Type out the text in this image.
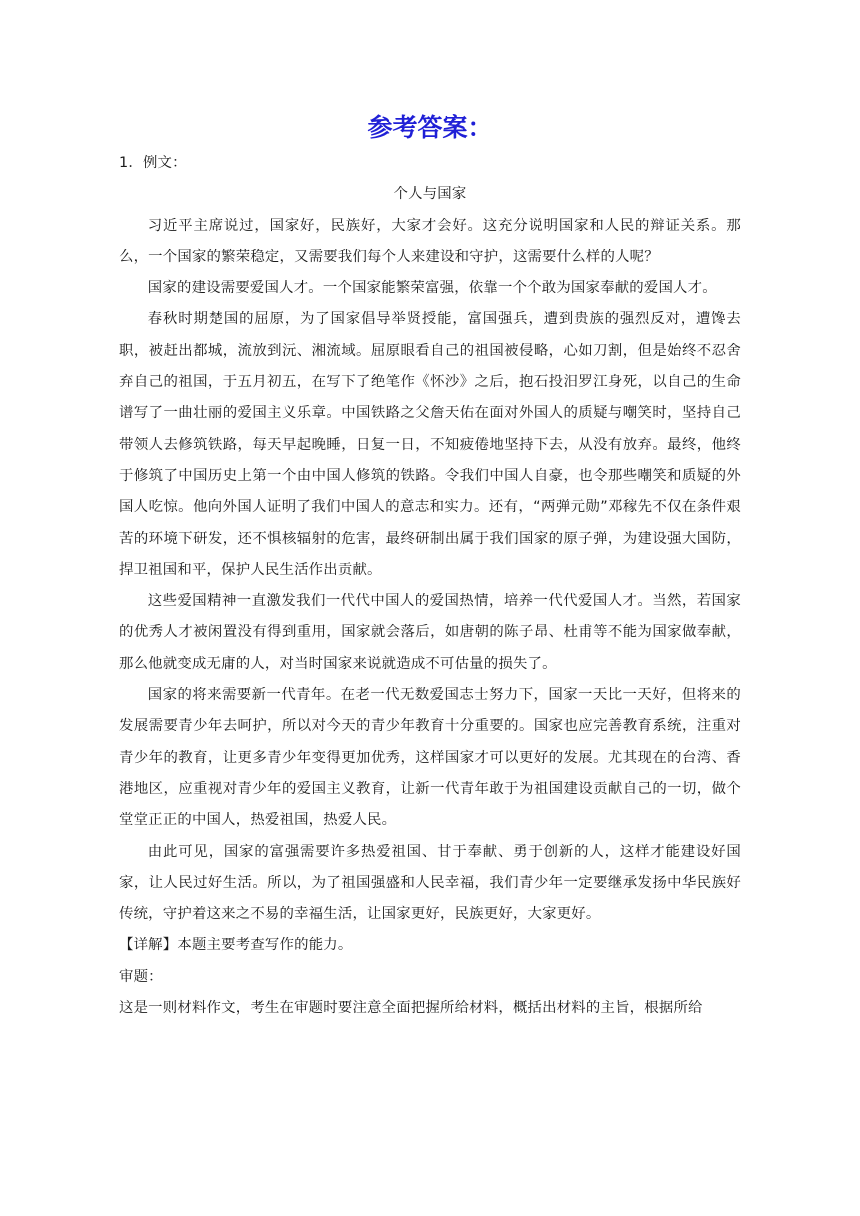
参考答案：

1．例文：

个人与国家

习近平主席说过，国家好，民族好，大家才会好。这充分说明国家和人民的辩证关系。那么，一个国家的繁荣稳定，又需要我们每个人来建设和守护，这需要什么样的人呢？

国家的建设需要爱国人才。一个国家能繁荣富强，依靠一个个敢为国家奉献的爱国人才。

春秋时期楚国的屈原，为了国家倡导举贤授能，富国强兵，遭到贵族的强烈反对，遭馋去职，被赶出都城，流放到沅、湘流域。屈原眼看自己的祖国被侵略，心如刀割，但是始终不忍舍弃自己的祖国，于五月初五，在写下了绝笔作《怀沙》之后，抱石投汨罗江身死，以自己的生命谱写了一曲壮丽的爱国主义乐章。中国铁路之父詹天佑在面对外国人的质疑与嘲笑时，坚持自己带领人去修筑铁路，每天早起晚睡，日复一日，不知疲倦地坚持下去，从没有放弃。最终，他终于修筑了中国历史上第一个由中国人修筑的铁路。令我们中国人自豪，也令那些嘲笑和质疑的外国人吃惊。他向外国人证明了我们中国人的意志和实力。还有，“两弹元勋”邓稼先不仅在条件艰苦的环境下研发，还不惧核辐射的危害，最终研制出属于我们国家的原子弹，为建设强大国防，捍卫祖国和平，保护人民生活作出贡献。

这些爱国精神一直激发我们一代代中国人的爱国热情，培养一代代爱国人才。当然，若国家的优秀人才被闲置没有得到重用，国家就会落后，如唐朝的陈子昂、杜甫等不能为国家做奉献，那么他就变成无庸的人，对当时国家来说就造成不可估量的损失了。

国家的将来需要新一代青年。在老一代无数爱国志士努力下，国家一天比一天好，但将来的发展需要青少年去呵护，所以对今天的青少年教育十分重要的。国家也应完善教育系统，注重对青少年的教育，让更多青少年变得更加优秀，这样国家才可以更好的发展。尤其现在的台湾、香港地区，应重视对青少年的爱国主义教育，让新一代青年敢于为祖国建设贡献自己的一切，做个堂堂正正的中国人，热爱祖国，热爱人民。

由此可见，国家的富强需要许多热爱祖国、甘于奉献、勇于创新的人，这样才能建设好国家，让人民过好生活。所以，为了祖国强盛和人民幸福，我们青少年一定要继承发扬中华民族好传统，守护着这来之不易的幸福生活，让国家更好，民族更好，大家更好。

【详解】本题主要考查写作的能力。

审题：

这是一则材料作文，考生在审题时要注意全面把握所给材料，概括出材料的主旨，根据所给
